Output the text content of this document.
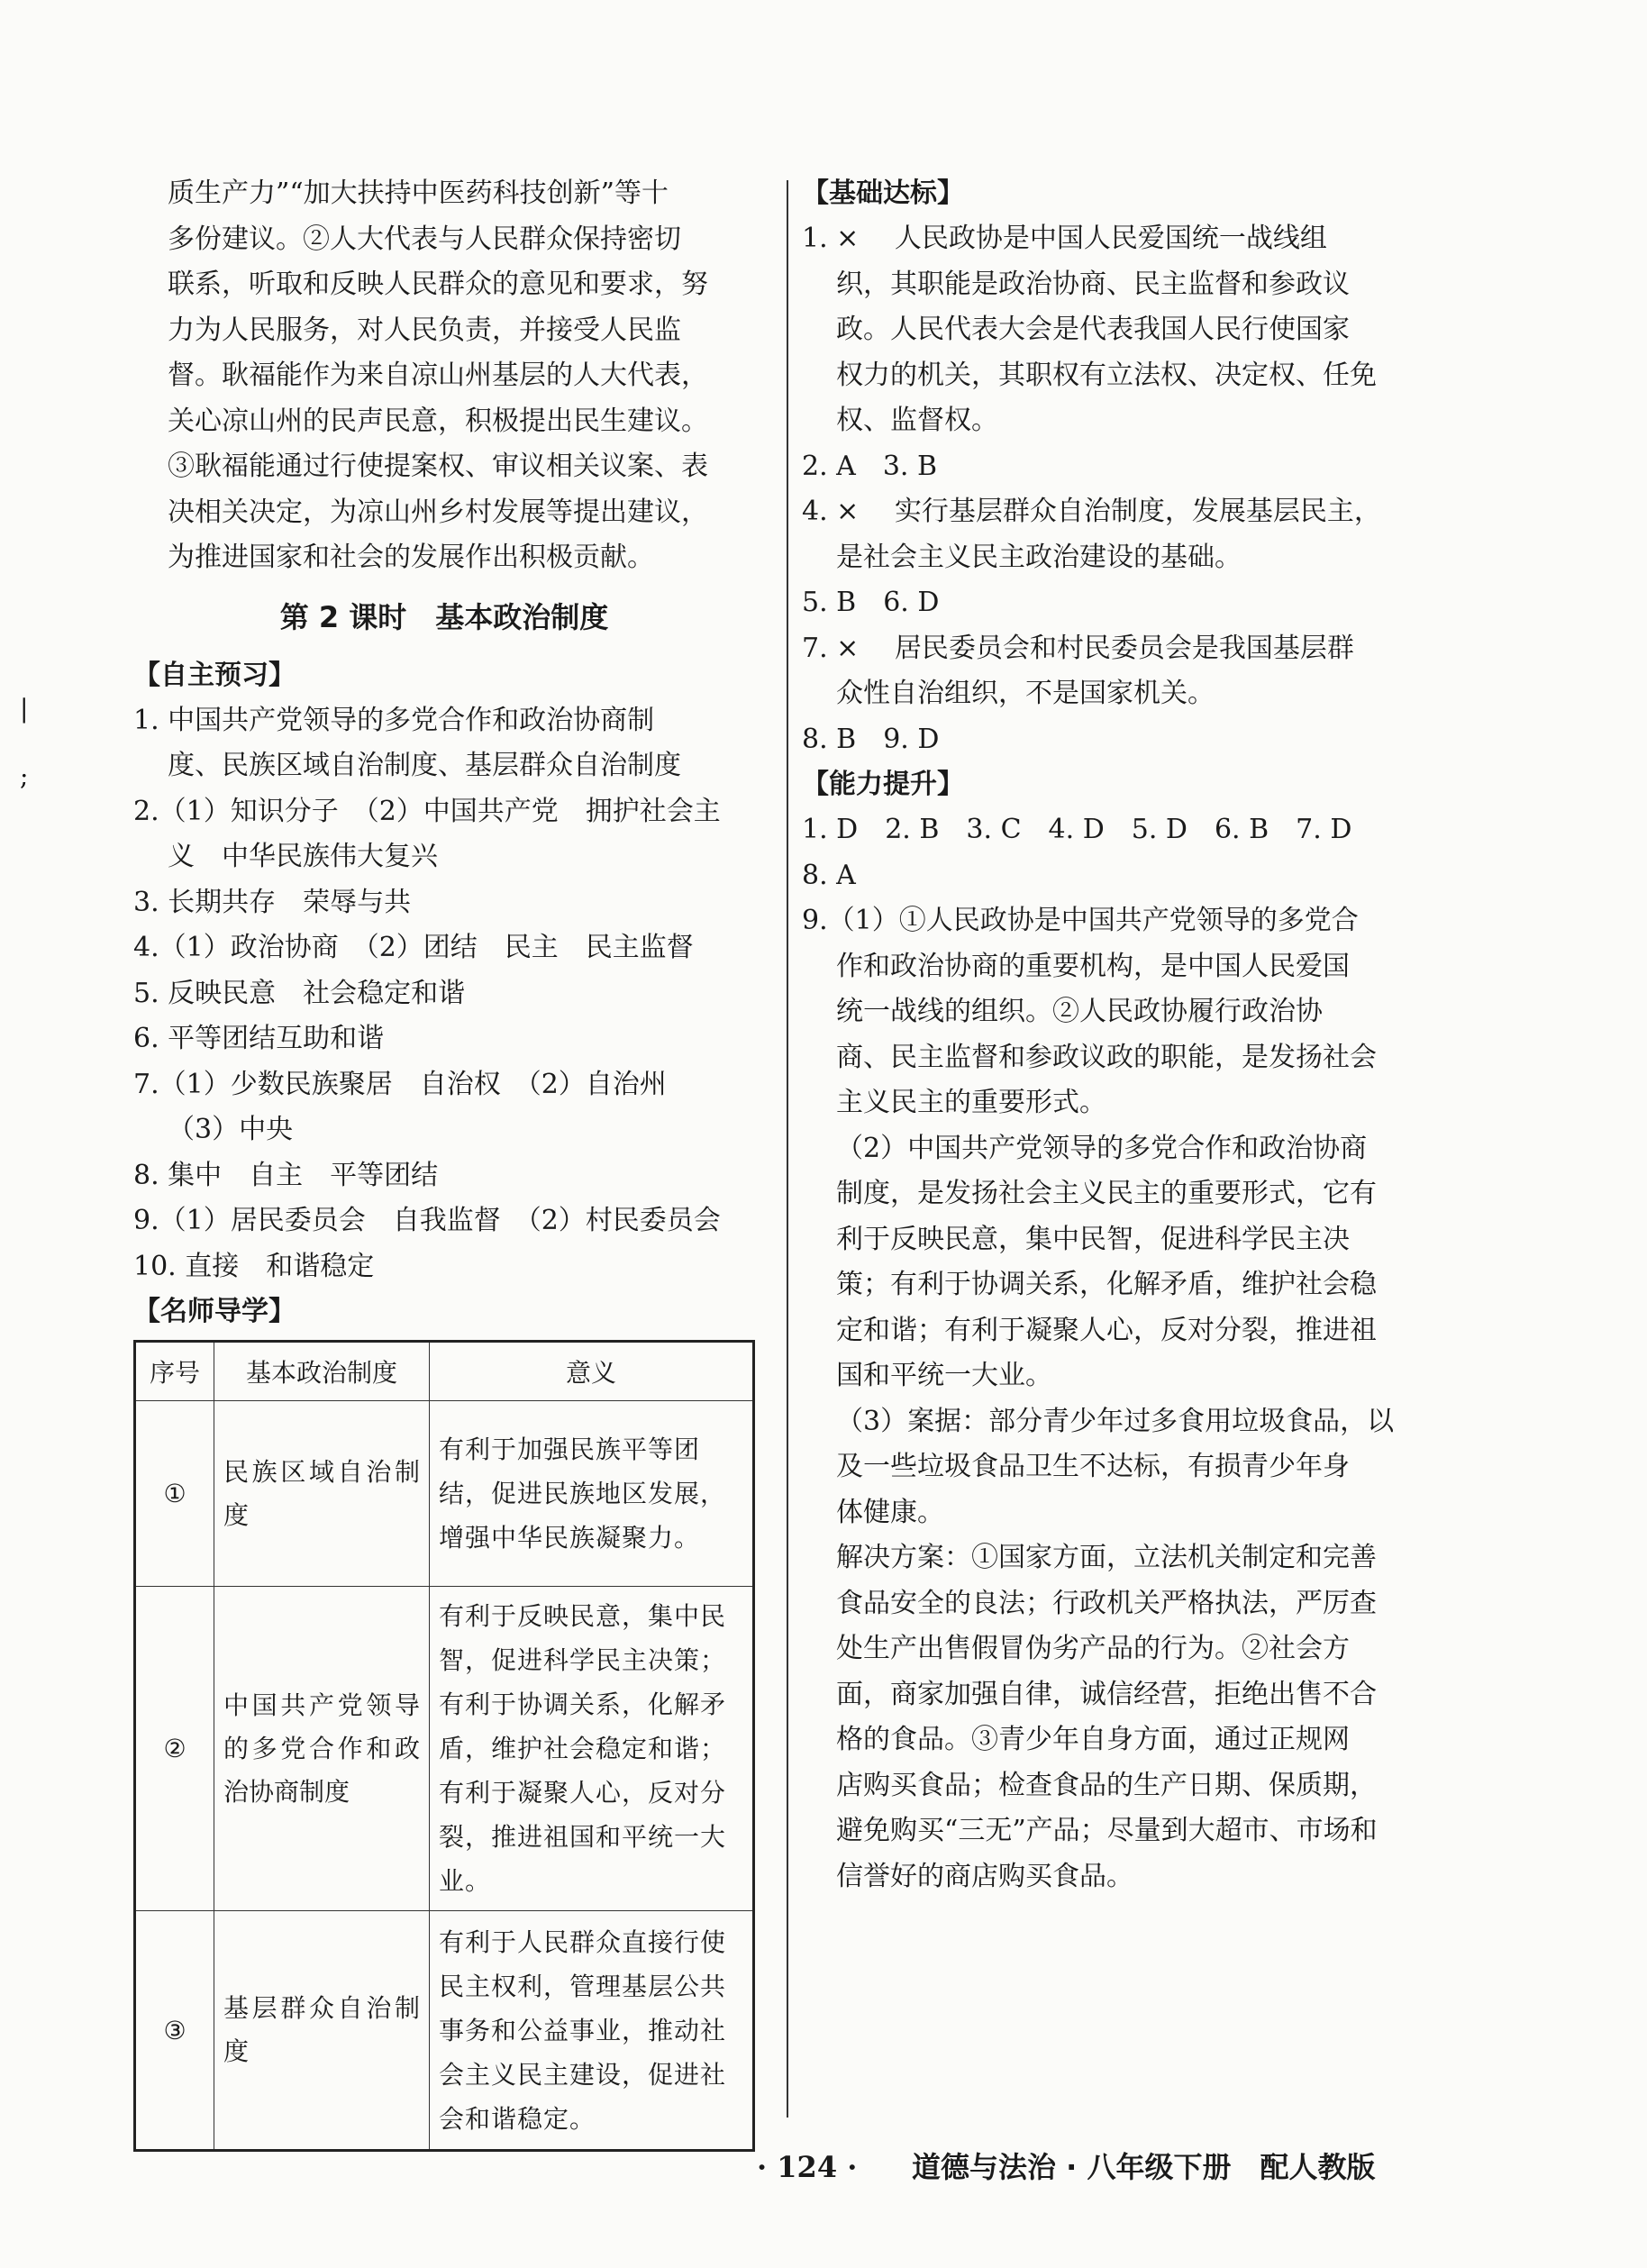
|
;

质生产力”“加大扶持中医药科技创新”等十

多份建议。②人大代表与人民群众保持密切

联系，听取和反映人民群众的意见和要求，努

力为人民服务，对人民负责，并接受人民监

督。耿福能作为来自凉山州基层的人大代表，

关心凉山州的民声民意，积极提出民生建议。

③耿福能通过行使提案权、审议相关议案、表

决相关决定，为凉山州乡村发展等提出建议，

为推进国家和社会的发展作出积极贡献。

第 2 课时　基本政治制度
【自主预习】

1. 中国共产党领导的多党合作和政治协商制

度、民族区域自治制度、基层群众自治制度

2.（1）知识分子　（2）中国共产党　拥护社会主

义　中华民族伟大复兴

3. 长期共存　荣辱与共

4.（1）政治协商　（2）团结　民主　民主监督

5. 反映民意　社会稳定和谐

6. 平等团结互助和谐

7.（1）少数民族聚居　自治权　（2）自治州

（3）中央

8. 集中　自主　平等团结

9.（1）居民委员会　自我监督　（2）村民委员会

10. 直接　和谐稳定

【名师导学】
序号	基本政治制度	意义
①	民族区域自治制度	有利于加强民族平等团结，促进民族地区发展，增强中华民族凝聚力。
②	中国共产党领导的多党合作和政治协商制度	有利于反映民意，集中民智，促进科学民主决策；有利于协调关系，化解矛盾，维护社会稳定和谐；有利于凝聚人心，反对分裂，推进祖国和平统一大业。
③	基层群众自治制度	有利于人民群众直接行使民主权利，管理基层公共事务和公益事业，推动社会主义民主建设，促进社会和谐稳定。
【基础达标】

1. ×　 人民政协是中国人民爱国统一战线组

织，其职能是政治协商、民主监督和参政议

政。人民代表大会是代表我国人民行使国家

权力的机关，其职权有立法权、决定权、任免

权、监督权。

2. A　3. B

4. ×　 实行基层群众自治制度，发展基层民主，

是社会主义民主政治建设的基础。

5. B　6. D

7. ×　 居民委员会和村民委员会是我国基层群

众性自治组织，不是国家机关。

8. B　9. D

【能力提升】

1. D　2. B　3. C　4. D　5. D　6. B　7. D

8. A

9.（1）①人民政协是中国共产党领导的多党合

作和政治协商的重要机构，是中国人民爱国

统一战线的组织。②人民政协履行政治协

商、民主监督和参政议政的职能，是发扬社会

主义民主的重要形式。

（2）中国共产党领导的多党合作和政治协商

制度，是发扬社会主义民主的重要形式，它有

利于反映民意，集中民智，促进科学民主决

策；有利于协调关系，化解矛盾，维护社会稳

定和谐；有利于凝聚人心，反对分裂，推进祖

国和平统一大业。

（3）案据：部分青少年过多食用垃圾食品，以

及一些垃圾食品卫生不达标，有损青少年身

体健康。

解决方案：①国家方面，立法机关制定和完善

食品安全的良法；行政机关严格执法，严厉查

处生产出售假冒伪劣产品的行为。②社会方

面，商家加强自律，诚信经营，拒绝出售不合

格的食品。③青少年自身方面，通过正规网

店购买食品；检查食品的生产日期、保质期，

避免购买“三无”产品；尽量到大超市、市场和

信誉好的商店购买食品。

· 124 · 道德与法治 · 八年级下册　配人教版
